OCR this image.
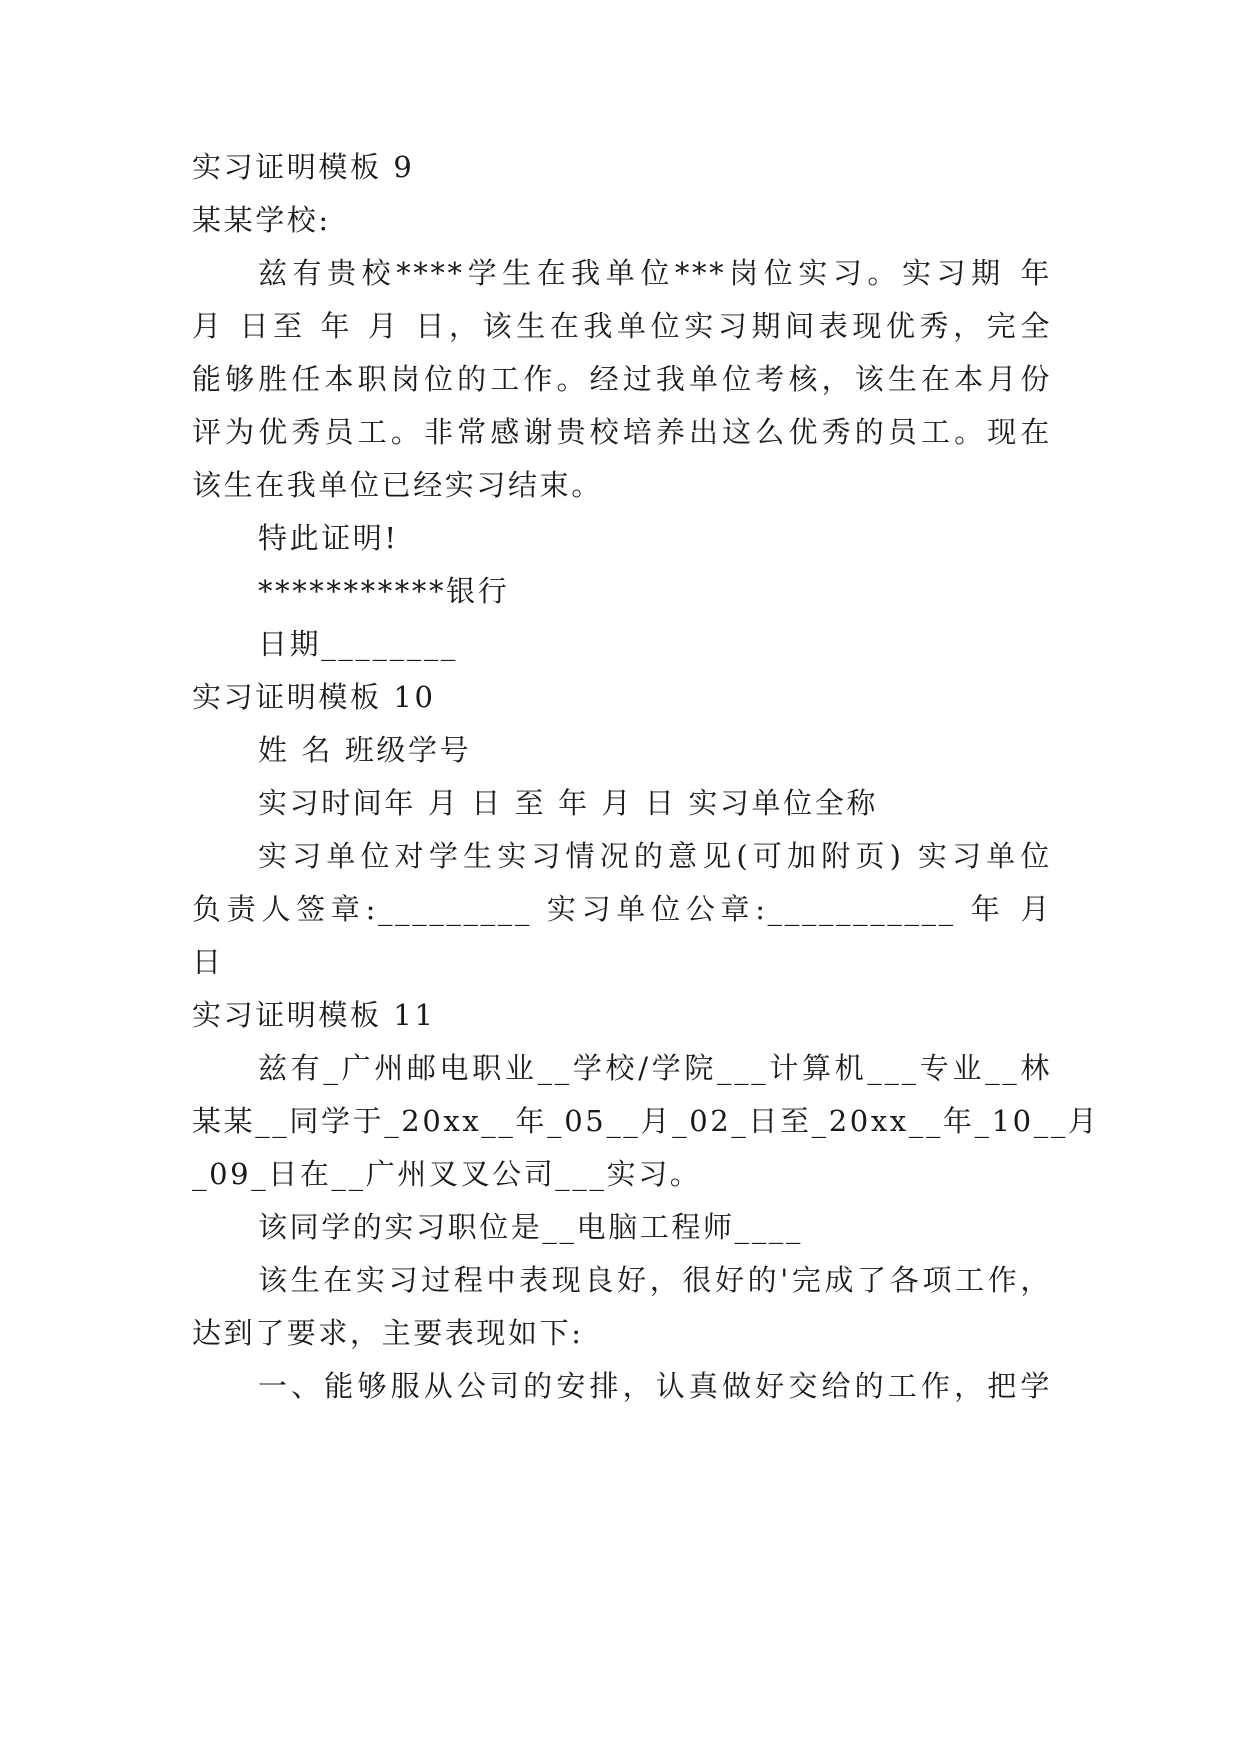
实习证明模板 9
某某学校:
兹有贵校****学生在我单位***岗位实习。实习期 年
月 日至 年 月 日，该生在我单位实习期间表现优秀，完全
能够胜任本职岗位的工作。经过我单位考核，该生在本月份
评为优秀员工。非常感谢贵校培养出这么优秀的员工。现在
该生在我单位已经实习结束。
特此证明!
***********银行
日期________
实习证明模板 10
姓 名 班级学号
实习时间年 月 日 至 年 月 日 实习单位全称
实习单位对学生实习情况的意见(可加附页) 实习单位
负责人签章:_________ 实习单位公章:___________ 年 月
日
实习证明模板 11
兹有_广州邮电职业__学校/学院___计算机___专业__林
某某__同学于_20xx__年_05__月_02_日至_20xx__年_10__月
_09_日在__广州叉叉公司___实习。
该同学的实习职位是__电脑工程师____
该生在实习过程中表现良好，很好的'完成了各项工作，
达到了要求，主要表现如下:
一、能够服从公司的安排，认真做好交给的工作，把学
